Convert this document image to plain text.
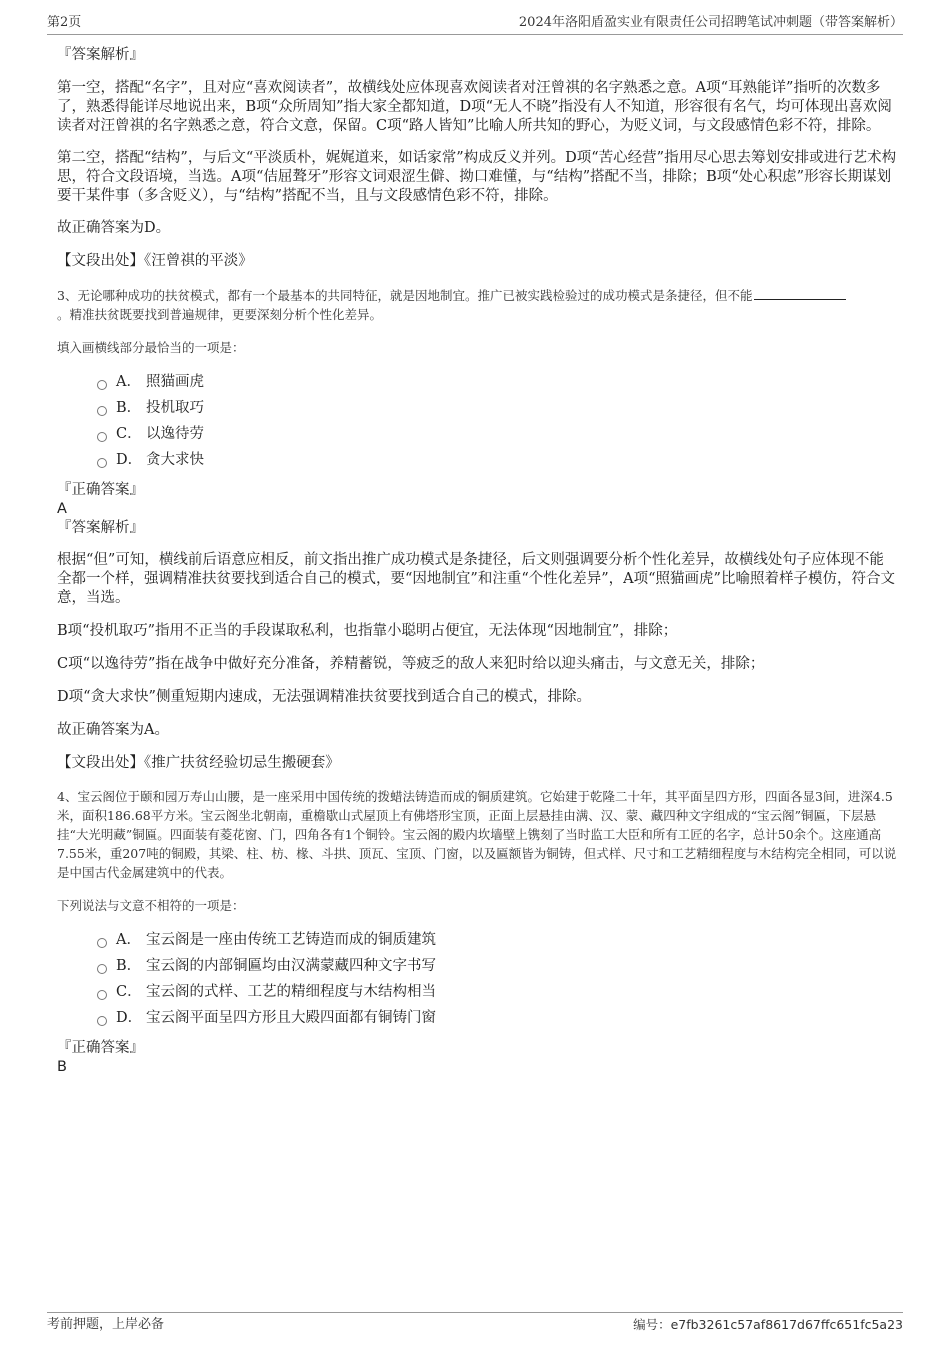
第2页	2024年洛阳盾盈实业有限责任公司招聘笔试冲刺题（带答案解析）
『答案解析』
第一空，搭配“名字”，且对应“喜欢阅读者”，故横线处应体现喜欢阅读者对汪曾祺的名字熟悉之意。A项“耳熟能详”指听的次数多了，熟悉得能详尽地说出来，B项“众所周知”指大家全都知道，D项“无人不晓”指没有人不知道，形容很有名气，均可体现出喜欢阅读者对汪曾祺的名字熟悉之意，符合文意，保留。C项“路人皆知”比喻人所共知的野心，为贬义词，与文段感情色彩不符，排除。
第二空，搭配“结构”，与后文“平淡质朴，娓娓道来，如话家常”构成反义并列。D项“苦心经营”指用尽心思去筹划安排或进行艺术构思，符合文段语境，当选。A项“佶屈聱牙”形容文词艰涩生僻、拗口难懂，与“结构”搭配不当，排除；B项“处心积虑”形容长期谋划要干某件事（多含贬义），与“结构”搭配不当，且与文段感情色彩不符，排除。
故正确答案为D。
【文段出处】《汪曾祺的平淡》
3、无论哪种成功的扶贫模式，都有一个最基本的共同特征，就是因地制宜。推广已被实践检验过的成功模式是条捷径，但不能
。精准扶贫既要找到普遍规律，更要深刻分析个性化差异。
填入画横线部分最恰当的一项是：
A． 照猫画虎
B． 投机取巧
C． 以逸待劳
D． 贪大求快
『正确答案』
A
『答案解析』
根据“但”可知，横线前后语意应相反，前文指出推广成功模式是条捷径，后文则强调要分析个性化差异，故横线处句子应体现不能全都一个样，强调精准扶贫要找到适合自己的模式，要“因地制宜”和注重“个性化差异”，A项“照猫画虎”比喻照着样子模仿，符合文意，当选。
B项“投机取巧”指用不正当的手段谋取私利，也指靠小聪明占便宜，无法体现“因地制宜”，排除；
C项“以逸待劳”指在战争中做好充分准备，养精蓄锐，等疲乏的敌人来犯时给以迎头痛击，与文意无关，排除；
D项“贪大求快”侧重短期内速成，无法强调精准扶贫要找到适合自己的模式，排除。
故正确答案为A。
【文段出处】《推广扶贫经验切忌生搬硬套》
4、宝云阁位于颐和园万寿山山腰，是一座采用中国传统的拨蜡法铸造而成的铜质建筑。它始建于乾隆二十年，其平面呈四方形，四面各显3间，进深4.5米，面积186.68平方米。宝云阁坐北朝南，重檐歇山式屋顶上有佛塔形宝顶，正面上层悬挂由满、汉、蒙、藏四种文字组成的“宝云阁”铜匾，下层悬挂“大光明藏”铜匾。四面装有菱花窗、门，四角各有1个铜铃。宝云阁的殿内坎墙壁上镌刻了当时监工大臣和所有工匠的名字，总计50余个。这座通高7.55米，重207吨的铜殿，其梁、柱、枋、椽、斗拱、顶瓦、宝顶、门窗，以及匾额皆为铜铸，但式样、尺寸和工艺精细程度与木结构完全相同，可以说是中国古代金属建筑中的代表。
下列说法与文意不相符的一项是：
A． 宝云阁是一座由传统工艺铸造而成的铜质建筑
B． 宝云阁的内部铜匾均由汉满蒙藏四种文字书写
C． 宝云阁的式样、工艺的精细程度与木结构相当
D． 宝云阁平面呈四方形且大殿四面都有铜铸门窗
『正确答案』
B
考前押题，上岸必备	编号：e7fb3261c57af8617d67ffc651fc5a23
